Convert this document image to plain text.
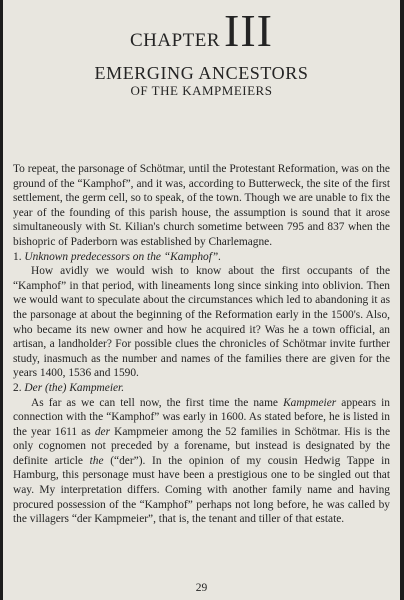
CHAPTERIII
EMERGING ANCESTORS
OF THE KAMPMEIERS

To repeat, the parsonage of Schötmar, until the Protestant Reformation, was on the ground of the “Kamphof”, and it was, according to Butterweck, the site of the first settlement, the germ cell, so to speak, of the town. Though we are unable to fix the year of the founding of this parish house, the assumption is sound that it arose simultaneously with St. Kilian's church sometime between 795 and 837 when the bishopric of Paderborn was established by Charlemagne.

1. Unknown predecessors on the “Kamphof”.

How avidly we would wish to know about the first occupants of the “Kamphof” in that period, with lineaments long since sinking into oblivion. Then we would want to speculate about the circumstances which led to abandoning it as the parsonage at about the beginning of the Reformation early in the 1500's. Also, who became its new owner and how he acquired it? Was he a town official, an artisan, a landholder? For possible clues the chronicles of Schötmar invite further study, inasmuch as the number and names of the families there are given for the years 1400, 1536 and 1590.

2. Der (the) Kampmeier.

As far as we can tell now, the first time the name Kampmeier appears in connection with the “Kamphof” was early in 1600. As stated before, he is listed in the year 1611 as der Kampmeier among the 52 families in Schötmar. His is the only cognomen not preceded by a forename, but instead is designated by the definite article the (“der”). In the opinion of my cousin Hedwig Tappe in Hamburg, this personage must have been a prestigious one to be singled out that way. My interpretation differs. Coming with another family name and having procured possession of the “Kamphof” perhaps not long before, he was called by the villagers “der Kampmeier”, that is, the tenant and tiller of that estate.

29
